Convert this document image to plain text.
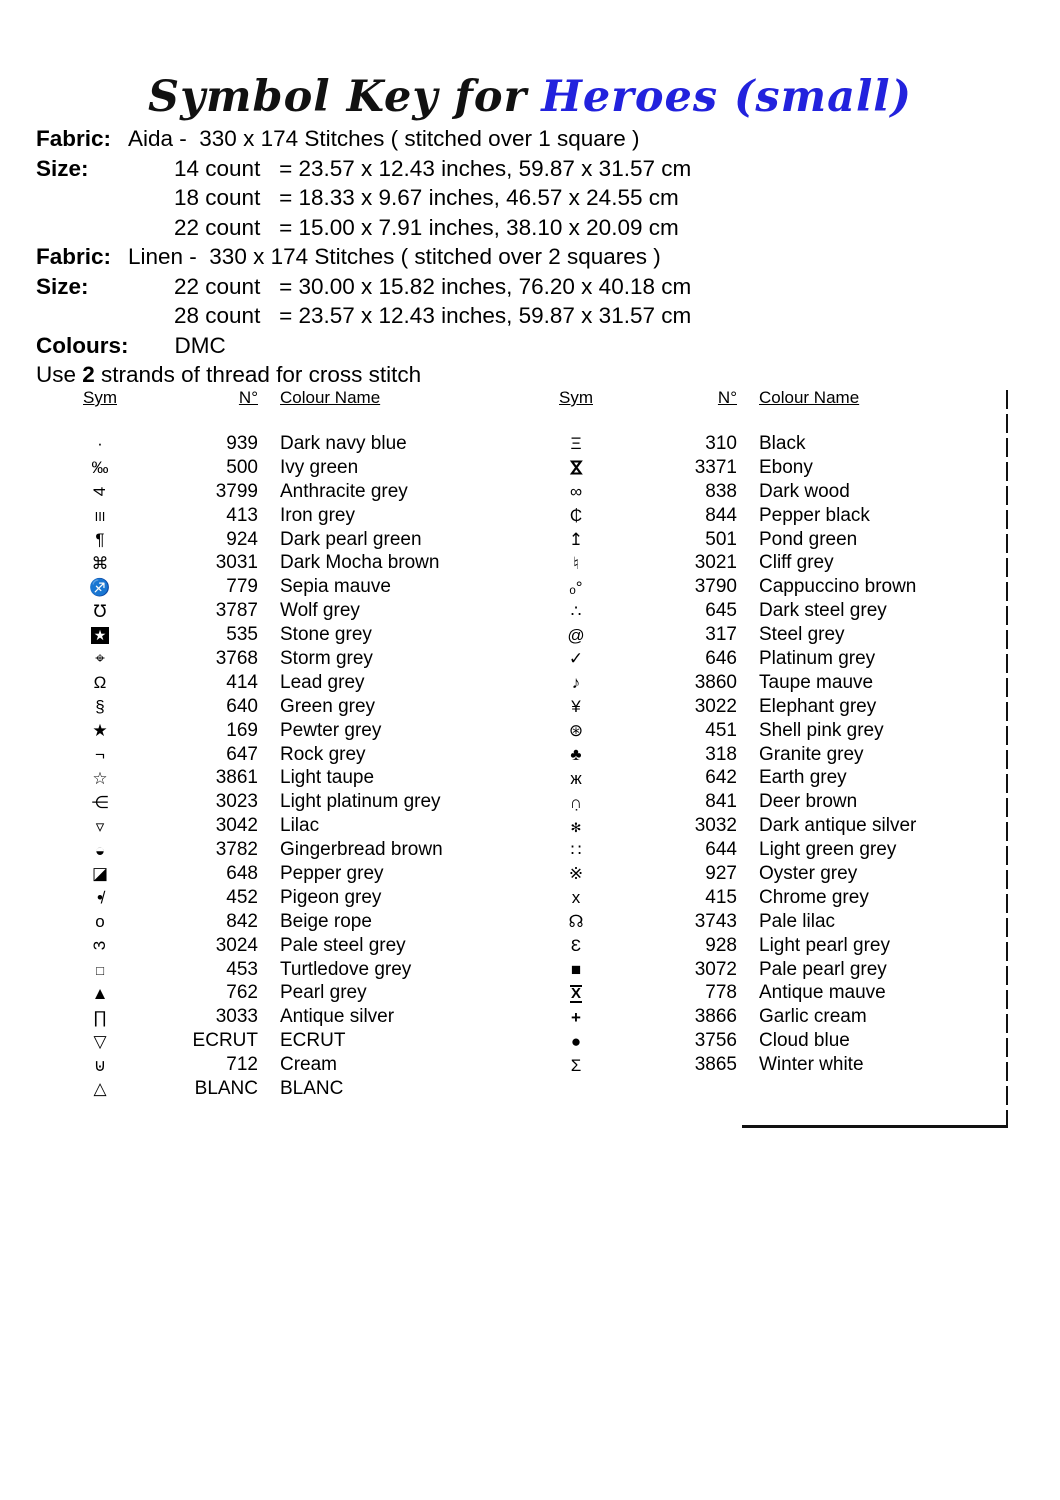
Symbol Key for Heroes (small)
Fabric: Aida -  330 x 174 Stitches ( stitched over 1 square )
Size:	14 count   = 23.57 x 12.43 inches, 59.87 x 31.57 cm
18 count   = 18.33 x 9.67 inches, 46.57 x 24.55 cm
22 count   = 15.00 x 7.91 inches, 38.10 x 20.09 cm
Fabric: Linen -  330 x 174 Stitches ( stitched over 2 squares )
Size:	22 count   = 30.00 x 15.82 inches, 76.20 x 40.18 cm
28 count   = 23.57 x 12.43 inches, 59.87 x 31.57 cm
Colours:	DMC
Use 2 strands of thread for cross stitch
Sym	N° Colour Name
·	939 Dark navy blue
‰	500 Ivy green
4	3799 Anthracite grey
III	413 Iron grey
¶	924 Dark pearl green
⌘	3031 Dark Mocha brown
♐	779 Sepia mauve
℧	3787 Wolf grey
★	535 Stone grey
⌖	3768 Storm grey
Ω	414 Lead grey
§	640 Green grey
★	169 Pewter grey
¬	647 Rock grey
☆	3861 Light taupe
⋲	3023 Light platinum grey
▿	3042 Lilac
◒	3782 Gingerbread brown
◪	648 Pepper grey
•̸	452 Pigeon grey
o	842 Beige rope
3	3024 Pale steel grey
□	453 Turtledove grey
▲	762 Pearl grey
∏	3033 Antique silver
▽	ECRUT ECRUT
⊍	712 Cream
△	BLANC BLANC
Sym	N° Colour Name
Ξ	310 Black
⋈	3371 Ebony
∞	838 Dark wood
₵	844 Pepper black
↥	501 Pond green
♮	3021 Cliff grey
ₒ°	3790 Cappuccino brown
∴	645 Dark steel grey
@	317 Steel grey
✓	646 Platinum grey
♪	3860 Taupe mauve
¥	3022 Elephant grey
⊛	451 Shell pink grey
♣	318 Granite grey
ж	642 Earth grey
∩̣	841 Deer brown
✻	3032 Dark antique silver
∷	644 Light green grey
※	927 Oyster grey
x	415 Chrome grey
☊	3743 Pale lilac
Ɛ	928 Light pearl grey
■	3072 Pale pearl grey
X	778 Antique mauve
+	3866 Garlic cream
●	3756 Cloud blue
Σ	3865 Winter white
